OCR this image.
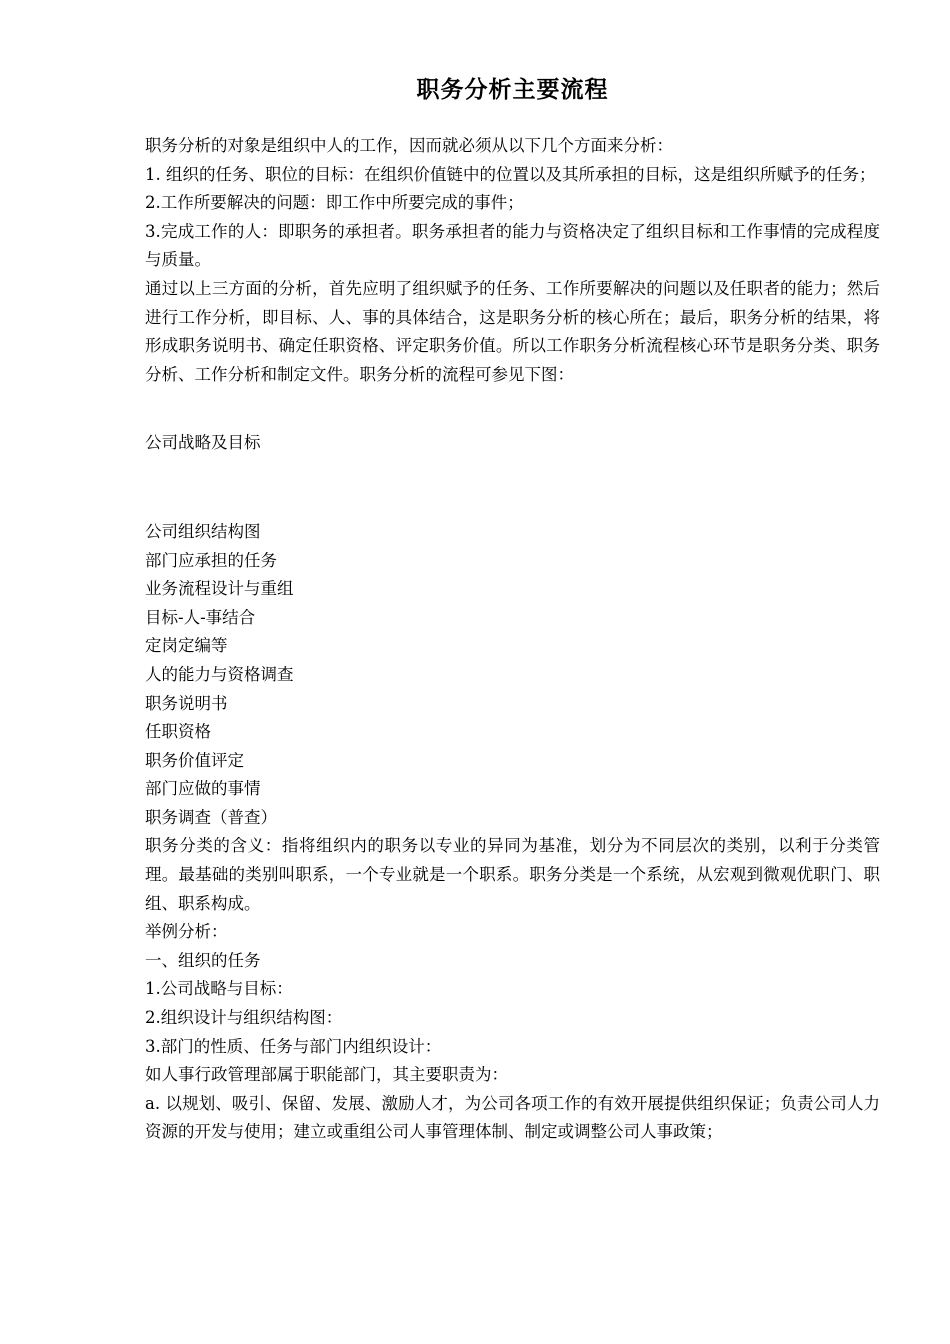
职务分析主要流程

职务分析的对象是组织中人的工作，因而就必须从以下几个方面来分析：

1. 组织的任务、职位的目标：在组织价值链中的位置以及其所承担的目标，这是组织所赋予的任务；

2.工作所要解决的问题：即工作中所要完成的事件；

3.完成工作的人：即职务的承担者。职务承担者的能力与资格决定了组织目标和工作事情的完成程度与质量。

通过以上三方面的分析，首先应明了组织赋予的任务、工作所要解决的问题以及任职者的能力；然后进行工作分析，即目标、人、事的具体结合，这是职务分析的核心所在；最后，职务分析的结果，将形成职务说明书、确定任职资格、评定职务价值。所以工作职务分析流程核心环节是职务分类、职务分析、工作分析和制定文件。职务分析的流程可参见下图：

公司战略及目标

公司组织结构图

部门应承担的任务

业务流程设计与重组

目标-人-事结合

定岗定编等

人的能力与资格调查

职务说明书

任职资格

职务价值评定

部门应做的事情

职务调查（普查）

职务分类的含义：指将组织内的职务以专业的异同为基准，划分为不同层次的类别，以利于分类管理。最基础的类别叫职系，一个专业就是一个职系。职务分类是一个系统，从宏观到微观优职门、职组、职系构成。

举例分析：

一、组织的任务

1.公司战略与目标：

2.组织设计与组织结构图：

3.部门的性质、任务与部门内组织设计：

如人事行政管理部属于职能部门，其主要职责为：

a. 以规划、吸引、保留、发展、激励人才，为公司各项工作的有效开展提供组织保证；负责公司人力资源的开发与使用；建立或重组公司人事管理体制、制定或调整公司人事政策；
